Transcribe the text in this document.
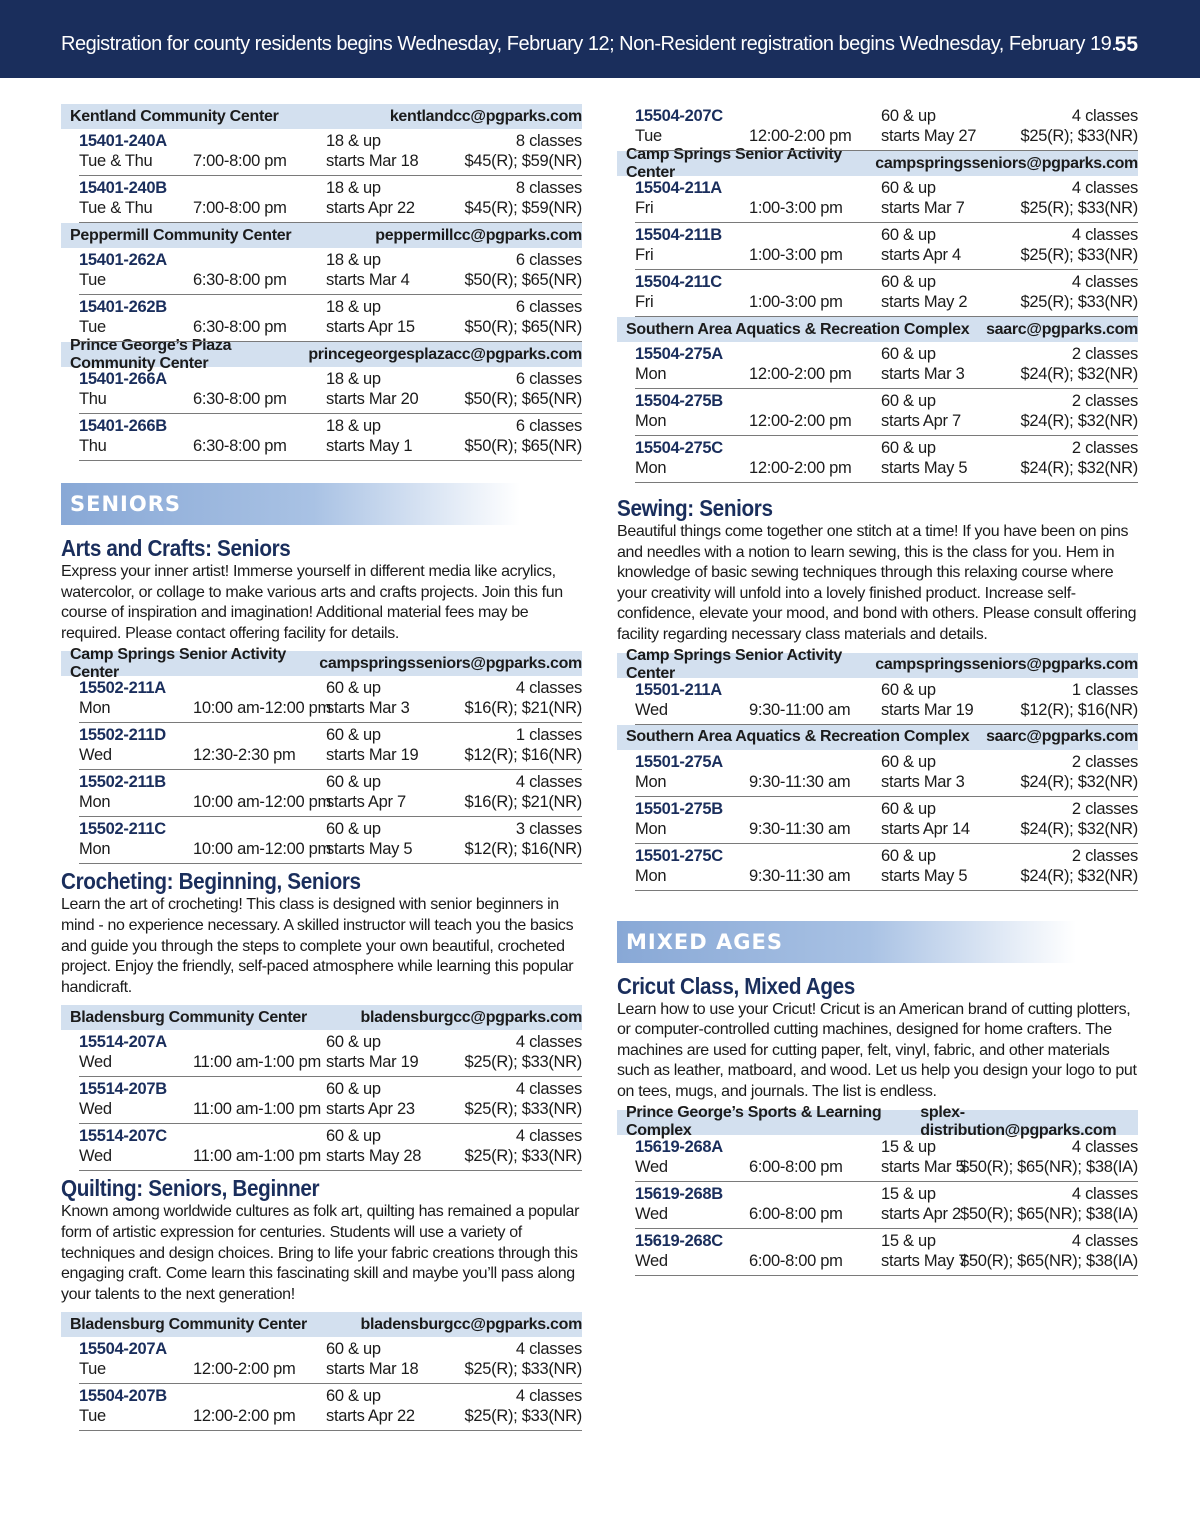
Registration for county residents begins Wednesday, February 12; Non-Resident registration begins Wednesday, February 19.
55
Kentland Community Center	kentlandcc@pgparks.com
15401-240A
Tue & Thu 7:00-8:00 pm
18 & up
starts Mar 18
8 classes
$45(R); $59(NR)
15401-240B
Tue & Thu 7:00-8:00 pm
18 & up
starts Apr 22
8 classes
$45(R); $59(NR)
Peppermill Community Center	peppermillcc@pgparks.com
15401-262A
Tue	6:30-8:00 pm
18 & up
starts Mar 4
6 classes
$50(R); $65(NR)
15401-262B
Tue	6:30-8:00 pm
18 & up
starts Apr 15
6 classes
$50(R); $65(NR)
Prince George’s Plaza Community Center
princegeorgesplazacc@pgparks.com
15401-266A
Thu	6:30-8:00 pm
18 & up
starts Mar 20
6 classes
$50(R); $65(NR)
15401-266B
Thu	6:30-8:00 pm
18 & up
starts May 1
6 classes
$50(R); $65(NR)
SENIORS
Arts and Crafts: Seniors

Express your inner artist! Immerse yourself in different media like acrylics, watercolor, or collage to make various arts and crafts projects. Join this fun course of inspiration and imagination! Additional material fees may be required. Please contact offering facility for details.

Camp Springs Senior Activity Center
campspringsseniors@pgparks.com
15502-211A
Mon	10:00 am-12:00 pm
60 & up
starts Mar 3
4 classes
$16(R); $21(NR)
15502-211D
Wed	12:30-2:30 pm
60 & up
starts Mar 19
1 classes
$12(R); $16(NR)
15502-211B
Mon	10:00 am-12:00 pm
60 & up
starts Apr 7
4 classes
$16(R); $21(NR)
15502-211C
Mon	10:00 am-12:00 pm
60 & up
starts May 5
3 classes
$12(R); $16(NR)
Crocheting: Beginning, Seniors

Learn the art of crocheting! This class is designed with senior beginners in mind - no experience necessary. A skilled instructor will teach you the basics and guide you through the steps to complete your own beautiful, crocheted project. Enjoy the friendly, self-paced atmosphere while learning this popular handicraft.

Bladensburg Community Center	bladensburgcc@pgparks.com
15514-207A
Wed	11:00 am-1:00 pm
60 & up
starts Mar 19
4 classes
$25(R); $33(NR)
15514-207B
Wed	11:00 am-1:00 pm
60 & up
starts Apr 23
4 classes
$25(R); $33(NR)
15514-207C
Wed	11:00 am-1:00 pm
60 & up
starts May 28
4 classes
$25(R); $33(NR)
Quilting: Seniors, Beginner

Known among worldwide cultures as folk art, quilting has remained a popular form of artistic expression for centuries. Students will use a variety of techniques and design choices. Bring to life your fabric creations through this engaging craft. Come learn this fascinating skill and maybe you’ll pass along your talents to the next generation!

Bladensburg Community Center	bladensburgcc@pgparks.com
15504-207A
Tue	12:00-2:00 pm
60 & up
starts Mar 18
4 classes
$25(R); $33(NR)
15504-207B
Tue	12:00-2:00 pm
60 & up
starts Apr 22
4 classes
$25(R); $33(NR)
15504-207C
Tue	12:00-2:00 pm
60 & up
starts May 27
4 classes
$25(R); $33(NR)
Camp Springs Senior Activity Center
campspringsseniors@pgparks.com
15504-211A
Fri	1:00-3:00 pm
60 & up
starts Mar 7
4 classes
$25(R); $33(NR)
15504-211B
Fri	1:00-3:00 pm
60 & up
starts Apr 4
4 classes
$25(R); $33(NR)
15504-211C
Fri	1:00-3:00 pm
60 & up
starts May 2
4 classes
$25(R); $33(NR)
Southern Area Aquatics & Recreation Complex saarc@pgparks.com
15504-275A
Mon	12:00-2:00 pm
60 & up
starts Mar 3
2 classes
$24(R); $32(NR)
15504-275B
Mon	12:00-2:00 pm
60 & up
starts Apr 7
2 classes
$24(R); $32(NR)
15504-275C
Mon	12:00-2:00 pm
60 & up
starts May 5
2 classes
$24(R); $32(NR)
Sewing: Seniors

Beautiful things come together one stitch at a time! If you have been on pins and needles with a notion to learn sewing, this is the class for you. Hem in knowledge of basic sewing techniques through this relaxing course where your creativity will unfold into a lovely finished product. Increase self-confidence, elevate your mood, and bond with others. Please consult offering facility regarding necessary class materials and details.

Camp Springs Senior Activity Center
campspringsseniors@pgparks.com
15501-211A
Wed	9:30-11:00 am
60 & up
starts Mar 19
1 classes
$12(R); $16(NR)
Southern Area Aquatics & Recreation Complex saarc@pgparks.com
15501-275A
Mon	9:30-11:30 am
60 & up
starts Mar 3
2 classes
$24(R); $32(NR)
15501-275B
Mon	9:30-11:30 am
60 & up
starts Apr 14
2 classes
$24(R); $32(NR)
15501-275C
Mon	9:30-11:30 am
60 & up
starts May 5
2 classes
$24(R); $32(NR)
MIXED AGES
Cricut Class, Mixed Ages

Learn how to use your Cricut! Cricut is an American brand of cutting plotters, or computer-controlled cutting machines, designed for home crafters. The machines are used for cutting paper, felt, vinyl, fabric, and other materials such as leather, matboard, and wood. Let us help you design your logo to put on tees, mugs, and journals. The list is endless.

Prince George’s Sports & Learning Complex
splex-distribution@pgparks.com
15619-268A
Wed	6:00-8:00 pm
15 & up
starts Mar 5
4 classes
$50(R); $65(NR); $38(IA)
15619-268B
Wed	6:00-8:00 pm
15 & up
starts Apr 2
4 classes
$50(R); $65(NR); $38(IA)
15619-268C
Wed	6:00-8:00 pm
15 & up
starts May 7
4 classes
$50(R); $65(NR); $38(IA)
